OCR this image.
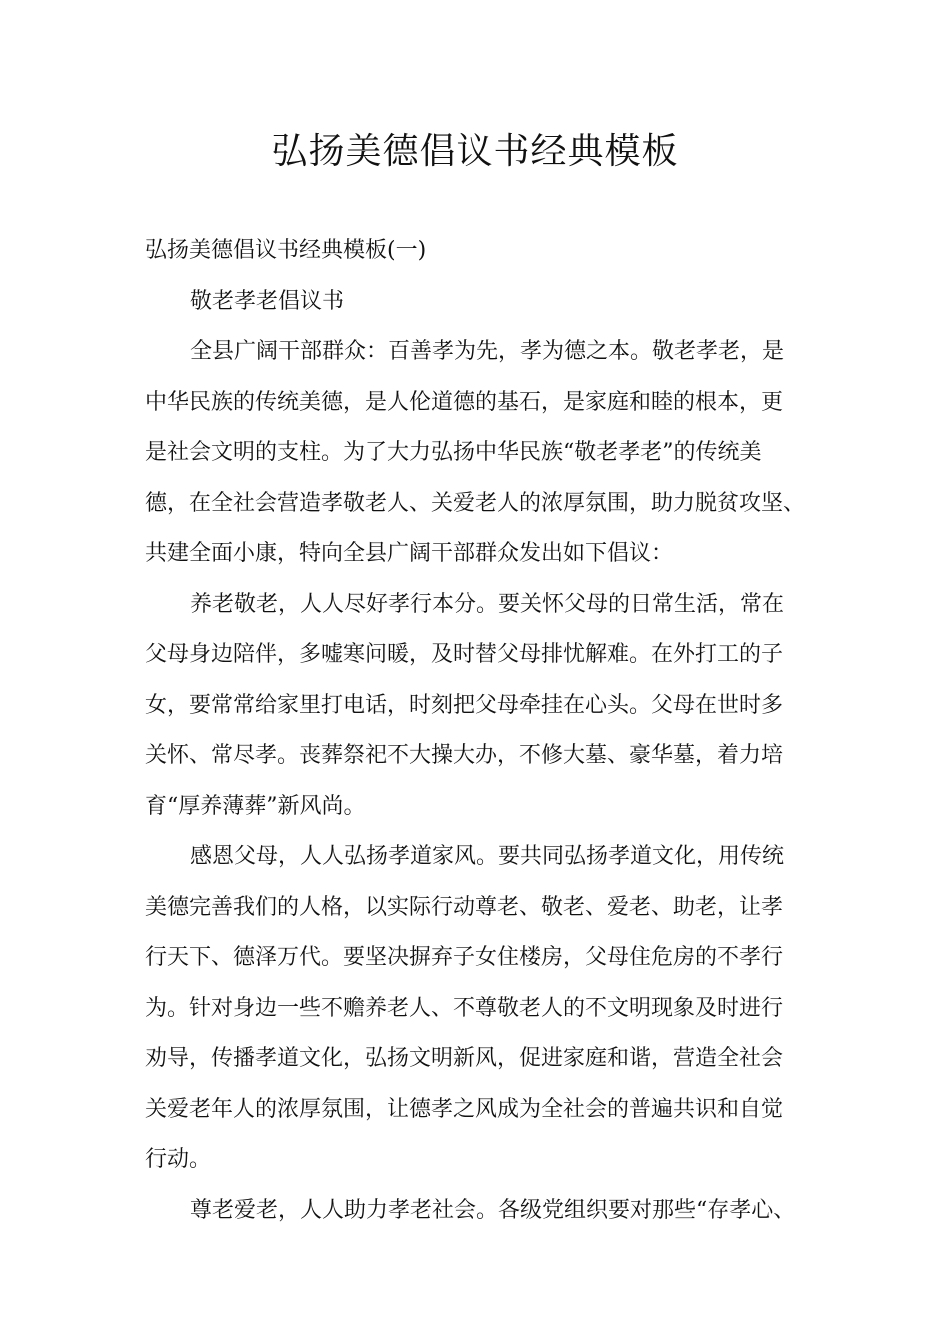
弘扬美德倡议书经典模板
弘扬美德倡议书经典模板(一)
敬老孝老倡议书
全县广阔干部群众：百善孝为先，孝为德之本。敬老孝老，是
中华民族的传统美德，是人伦道德的基石，是家庭和睦的根本，更
是社会文明的支柱。为了大力弘扬中华民族“敬老孝老”的传统美
德，在全社会营造孝敬老人、关爱老人的浓厚氛围，助力脱贫攻坚、
共建全面小康，特向全县广阔干部群众发出如下倡议：
养老敬老，人人尽好孝行本分。要关怀父母的日常生活，常在
父母身边陪伴，多嘘寒问暖，及时替父母排忧解难。在外打工的子
女，要常常给家里打电话，时刻把父母牵挂在心头。父母在世时多
关怀、常尽孝。丧葬祭祀不大操大办，不修大墓、豪华墓，着力培
育“厚养薄葬”新风尚。
感恩父母，人人弘扬孝道家风。要共同弘扬孝道文化，用传统
美德完善我们的人格，以实际行动尊老、敬老、爱老、助老，让孝
行天下、德泽万代。要坚决摒弃子女住楼房，父母住危房的不孝行
为。针对身边一些不赡养老人、不尊敬老人的不文明现象及时进行
劝导，传播孝道文化，弘扬文明新风，促进家庭和谐，营造全社会
关爱老年人的浓厚氛围，让德孝之风成为全社会的普遍共识和自觉
行动。
尊老爱老，人人助力孝老社会。各级党组织要对那些“存孝心、
